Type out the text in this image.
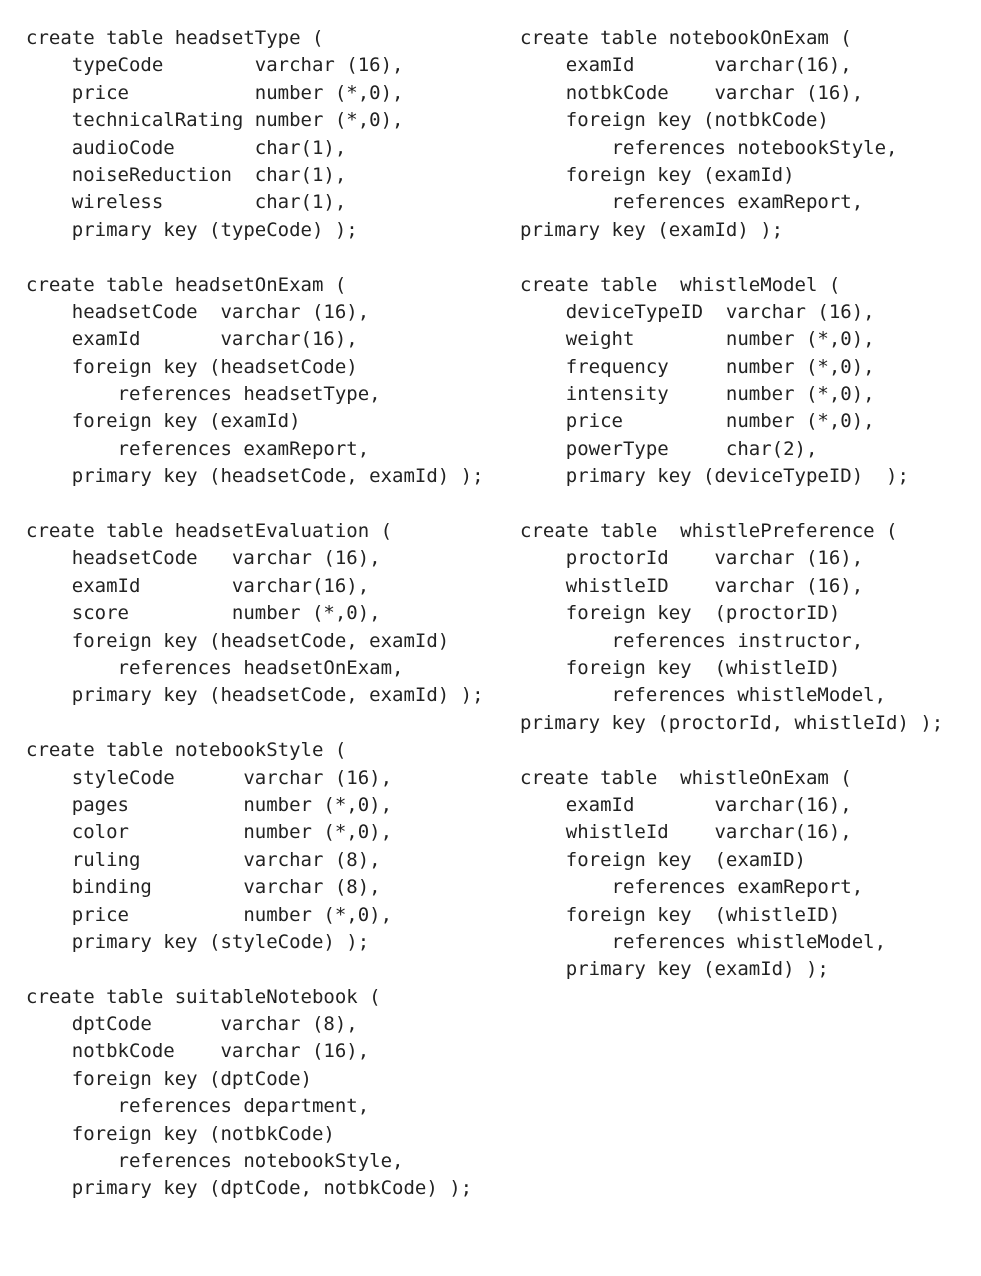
create table headsetType (
typeCode        varchar (16),
price           number (*,0),
technicalRating number (*,0),
audioCode       char(1),
noiseReduction  char(1),
wireless        char(1),
primary key (typeCode) );
create table headsetOnExam (
headsetCode  varchar (16),
examId       varchar(16),
foreign key (headsetCode)
references headsetType,
foreign key (examId)
references examReport,
primary key (headsetCode, examId) );
create table headsetEvaluation (
headsetCode   varchar (16),
examId        varchar(16),
score         number (*,0),
foreign key (headsetCode, examId)
references headsetOnExam,
primary key (headsetCode, examId) );
create table notebookStyle (
styleCode      varchar (16),
pages          number (*,0),
color          number (*,0),
ruling         varchar (8),
binding        varchar (8),
price          number (*,0),
primary key (styleCode) );
create table suitableNotebook (
dptCode      varchar (8),
notbkCode    varchar (16),
foreign key (dptCode)
references department,
foreign key (notbkCode)
references notebookStyle,
primary key (dptCode, notbkCode) );
create table notebookOnExam (
examId       varchar(16),
notbkCode    varchar (16),
foreign key (notbkCode)
references notebookStyle,
foreign key (examId)
references examReport,
primary key (examId) );
create table  whistleModel (
deviceTypeID  varchar (16),
weight        number (*,0),
frequency     number (*,0),
intensity     number (*,0),
price         number (*,0),
powerType     char(2),
primary key (deviceTypeID)  );
create table  whistlePreference (
proctorId    varchar (16),
whistleID    varchar (16),
foreign key  (proctorID)
references instructor,
foreign key  (whistleID)
references whistleModel,
primary key (proctorId, whistleId) );
create table  whistleOnExam (
examId       varchar(16),
whistleId    varchar(16),
foreign key  (examID)
references examReport,
foreign key  (whistleID)
references whistleModel,
primary key (examId) );
